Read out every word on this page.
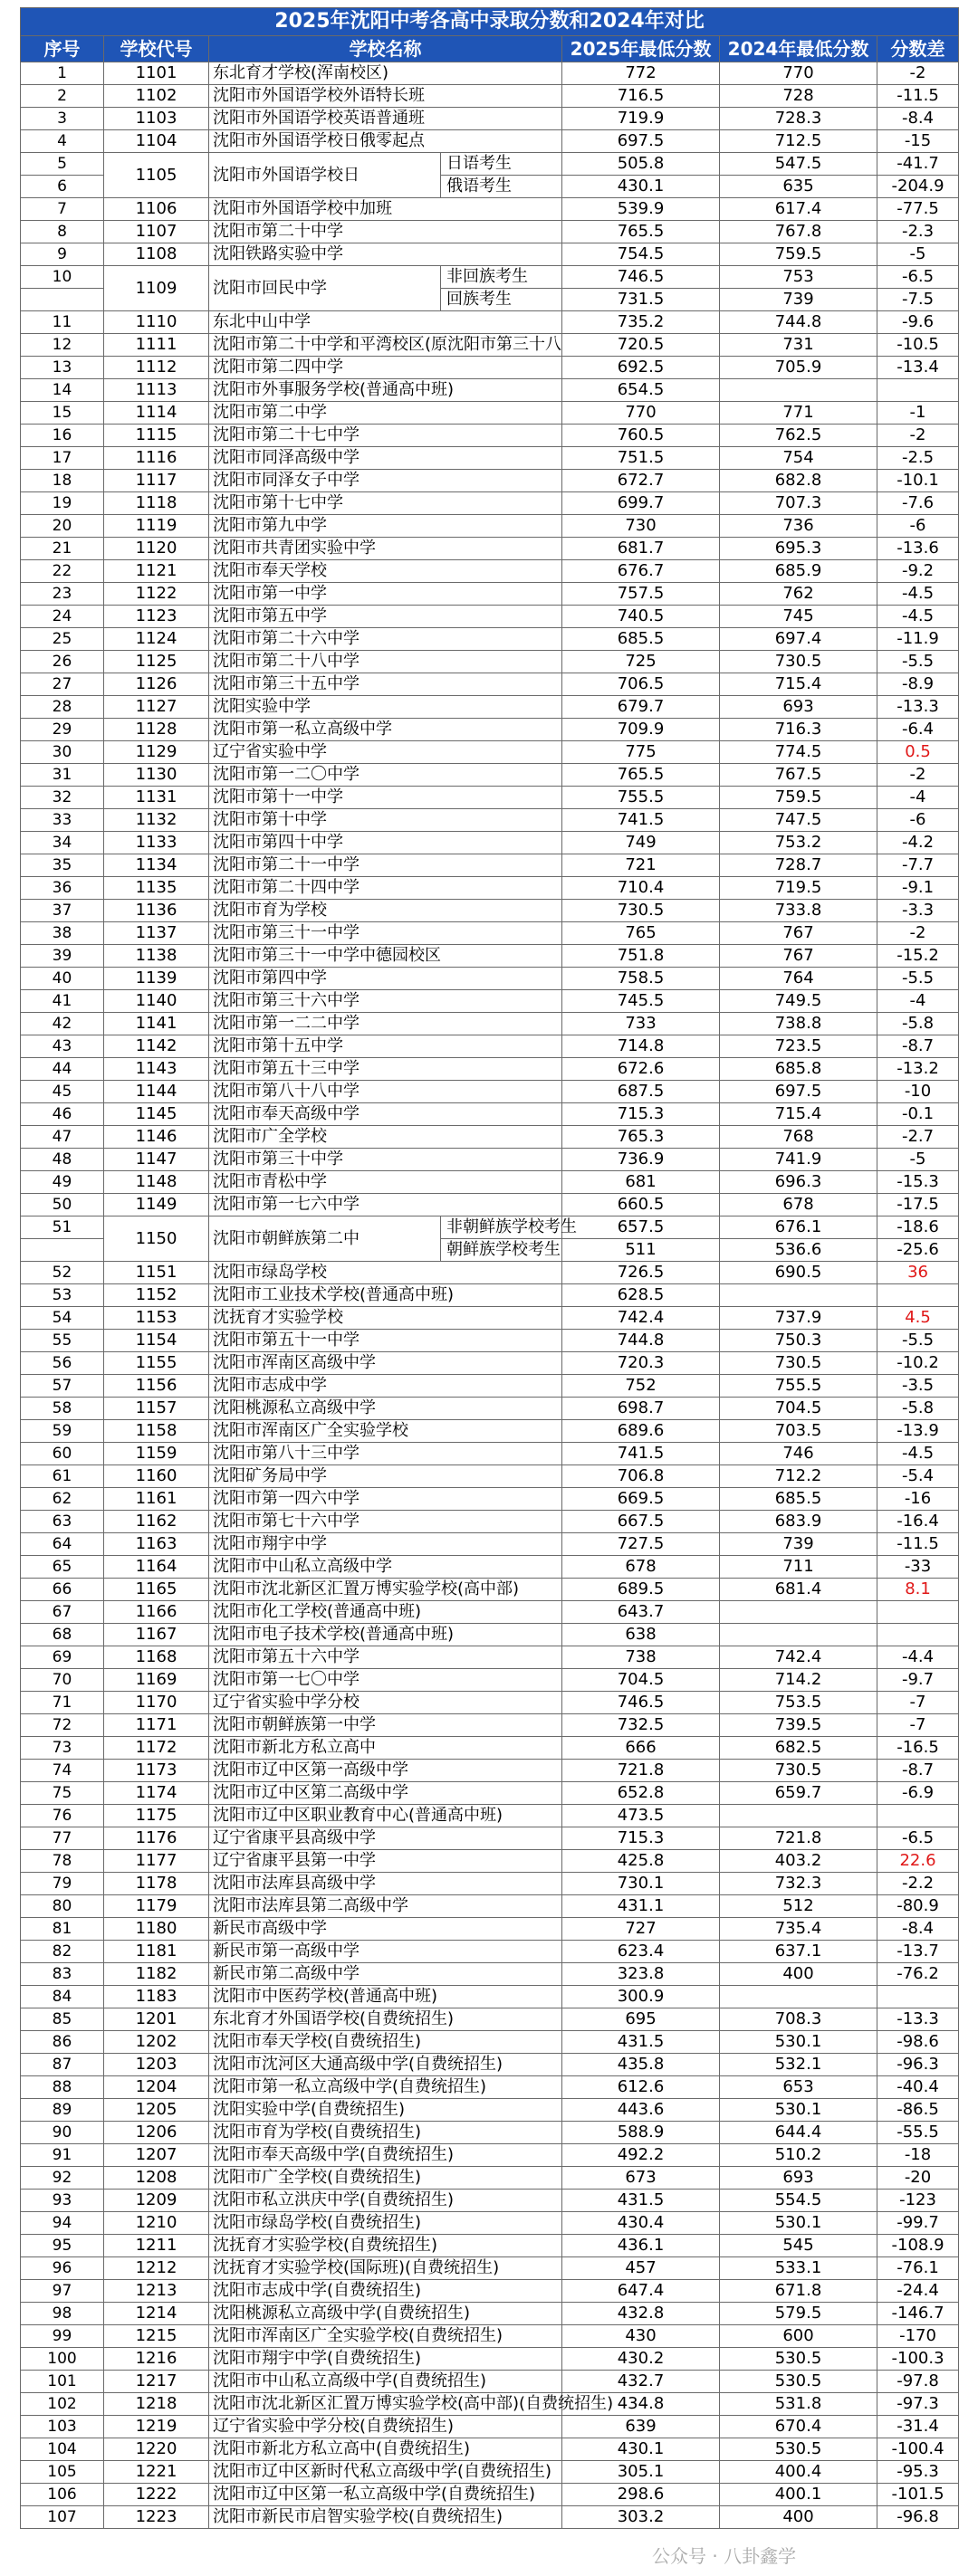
2025年沈阳中考各高中录取分数和2024年对比						
序号	学校代号	学校名称		2025年最低分数	2024年最低分数	分数差
1	1101	东北育才学校(浑南校区)		772	770	-2
2	1102	沈阳市外国语学校外语特长班		716.5	728	-11.5
3	1103	沈阳市外国语学校英语普通班		719.9	728.3	-8.4
4	1104	沈阳市外国语学校日俄零起点		697.5	712.5	-15
5	1105	沈阳市外国语学校日	日语考生	505.8	547.5	-41.7
6			俄语考生	430.1	635	-204.9
7	1106	沈阳市外国语学校中加班		539.9	617.4	-77.5
8	1107	沈阳市第二十中学		765.5	767.8	-2.3
9	1108	沈阳铁路实验中学		754.5	759.5	-5
10	1109	沈阳市回民中学	非回族考生	746.5	753	-6.5
			回族考生	731.5	739	-7.5
11	1110	东北中山中学		735.2	744.8	-9.6
12	1111	沈阳市第二十中学和平湾校区(原沈阳市第三十八		720.5	731	-10.5
13	1112	沈阳市第二四中学		692.5	705.9	-13.4
14	1113	沈阳市外事服务学校(普通高中班)		654.5		
15	1114	沈阳市第二中学		770	771	-1
16	1115	沈阳市第二十七中学		760.5	762.5	-2
17	1116	沈阳市同泽高级中学		751.5	754	-2.5
18	1117	沈阳市同泽女子中学		672.7	682.8	-10.1
19	1118	沈阳市第十七中学		699.7	707.3	-7.6
20	1119	沈阳市第九中学		730	736	-6
21	1120	沈阳市共青团实验中学		681.7	695.3	-13.6
22	1121	沈阳市奉天学校		676.7	685.9	-9.2
23	1122	沈阳市第一中学		757.5	762	-4.5
24	1123	沈阳市第五中学		740.5	745	-4.5
25	1124	沈阳市第二十六中学		685.5	697.4	-11.9
26	1125	沈阳市第二十八中学		725	730.5	-5.5
27	1126	沈阳市第三十五中学		706.5	715.4	-8.9
28	1127	沈阳实验中学		679.7	693	-13.3
29	1128	沈阳市第一私立高级中学		709.9	716.3	-6.4
30	1129	辽宁省实验中学		775	774.5	0.5
31	1130	沈阳市第一二〇中学		765.5	767.5	-2
32	1131	沈阳市第十一中学		755.5	759.5	-4
33	1132	沈阳市第十中学		741.5	747.5	-6
34	1133	沈阳市第四十中学		749	753.2	-4.2
35	1134	沈阳市第二十一中学		721	728.7	-7.7
36	1135	沈阳市第二十四中学		710.4	719.5	-9.1
37	1136	沈阳市育为学校		730.5	733.8	-3.3
38	1137	沈阳市第三十一中学		765	767	-2
39	1138	沈阳市第三十一中学中德园校区		751.8	767	-15.2
40	1139	沈阳市第四中学		758.5	764	-5.5
41	1140	沈阳市第三十六中学		745.5	749.5	-4
42	1141	沈阳市第一二二中学		733	738.8	-5.8
43	1142	沈阳市第十五中学		714.8	723.5	-8.7
44	1143	沈阳市第五十三中学		672.6	685.8	-13.2
45	1144	沈阳市第八十八中学		687.5	697.5	-10
46	1145	沈阳市奉天高级中学		715.3	715.4	-0.1
47	1146	沈阳市广全学校		765.3	768	-2.7
48	1147	沈阳市第三十中学		736.9	741.9	-5
49	1148	沈阳市青松中学		681	696.3	-15.3
50	1149	沈阳市第一七六中学		660.5	678	-17.5
51	1150	沈阳市朝鲜族第二中	非朝鲜族学校考生	657.5	676.1	-18.6
			朝鲜族学校考生	511	536.6	-25.6
52	1151	沈阳市绿岛学校		726.5	690.5	36
53	1152	沈阳市工业技术学校(普通高中班)		628.5		
54	1153	沈抚育才实验学校		742.4	737.9	4.5
55	1154	沈阳市第五十一中学		744.8	750.3	-5.5
56	1155	沈阳市浑南区高级中学		720.3	730.5	-10.2
57	1156	沈阳市志成中学		752	755.5	-3.5
58	1157	沈阳桃源私立高级中学		698.7	704.5	-5.8
59	1158	沈阳市浑南区广全实验学校		689.6	703.5	-13.9
60	1159	沈阳市第八十三中学		741.5	746	-4.5
61	1160	沈阳矿务局中学		706.8	712.2	-5.4
62	1161	沈阳市第一四六中学		669.5	685.5	-16
63	1162	沈阳市第七十六中学		667.5	683.9	-16.4
64	1163	沈阳市翔宇中学		727.5	739	-11.5
65	1164	沈阳市中山私立高级中学		678	711	-33
66	1165	沈阳市沈北新区汇置万博实验学校(高中部)		689.5	681.4	8.1
67	1166	沈阳市化工学校(普通高中班)		643.7		
68	1167	沈阳市电子技术学校(普通高中班)		638		
69	1168	沈阳市第五十六中学		738	742.4	-4.4
70	1169	沈阳市第一七〇中学		704.5	714.2	-9.7
71	1170	辽宁省实验中学分校		746.5	753.5	-7
72	1171	沈阳市朝鲜族第一中学		732.5	739.5	-7
73	1172	沈阳市新北方私立高中		666	682.5	-16.5
74	1173	沈阳市辽中区第一高级中学		721.8	730.5	-8.7
75	1174	沈阳市辽中区第二高级中学		652.8	659.7	-6.9
76	1175	沈阳市辽中区职业教育中心(普通高中班)		473.5		
77	1176	辽宁省康平县高级中学		715.3	721.8	-6.5
78	1177	辽宁省康平县第一中学		425.8	403.2	22.6
79	1178	沈阳市法库县高级中学		730.1	732.3	-2.2
80	1179	沈阳市法库县第二高级中学		431.1	512	-80.9
81	1180	新民市高级中学		727	735.4	-8.4
82	1181	新民市第一高级中学		623.4	637.1	-13.7
83	1182	新民市第二高级中学		323.8	400	-76.2
84	1183	沈阳市中医药学校(普通高中班)		300.9		
85	1201	东北育才外国语学校(自费统招生)		695	708.3	-13.3
86	1202	沈阳市奉天学校(自费统招生)		431.5	530.1	-98.6
87	1203	沈阳市沈河区大通高级中学(自费统招生)		435.8	532.1	-96.3
88	1204	沈阳市第一私立高级中学(自费统招生)		612.6	653	-40.4
89	1205	沈阳实验中学(自费统招生)		443.6	530.1	-86.5
90	1206	沈阳市育为学校(自费统招生)		588.9	644.4	-55.5
91	1207	沈阳市奉天高级中学(自费统招生)		492.2	510.2	-18
92	1208	沈阳市广全学校(自费统招生)		673	693	-20
93	1209	沈阳市私立洪庆中学(自费统招生)		431.5	554.5	-123
94	1210	沈阳市绿岛学校(自费统招生)		430.4	530.1	-99.7
95	1211	沈抚育才实验学校(自费统招生)		436.1	545	-108.9
96	1212	沈抚育才实验学校(国际班)(自费统招生)		457	533.1	-76.1
97	1213	沈阳市志成中学(自费统招生)		647.4	671.8	-24.4
98	1214	沈阳桃源私立高级中学(自费统招生)		432.8	579.5	-146.7
99	1215	沈阳市浑南区广全实验学校(自费统招生)		430	600	-170
100	1216	沈阳市翔宇中学(自费统招生)		430.2	530.5	-100.3
101	1217	沈阳市中山私立高级中学(自费统招生)		432.7	530.5	-97.8
102	1218	沈阳市沈北新区汇置万博实验学校(高中部)(自费统招生)		434.8	531.8	-97.3
103	1219	辽宁省实验中学分校(自费统招生)		639	670.4	-31.4
104	1220	沈阳市新北方私立高中(自费统招生)		430.1	530.5	-100.4
105	1221	沈阳市辽中区新时代私立高级中学(自费统招生)		305.1	400.4	-95.3
106	1222	沈阳市辽中区第一私立高级中学(自费统招生)		298.6	400.1	-101.5
107	1223	沈阳市新民市启智实验学校(自费统招生)		303.2	400	-96.8
公众号 · 八卦鑫学
